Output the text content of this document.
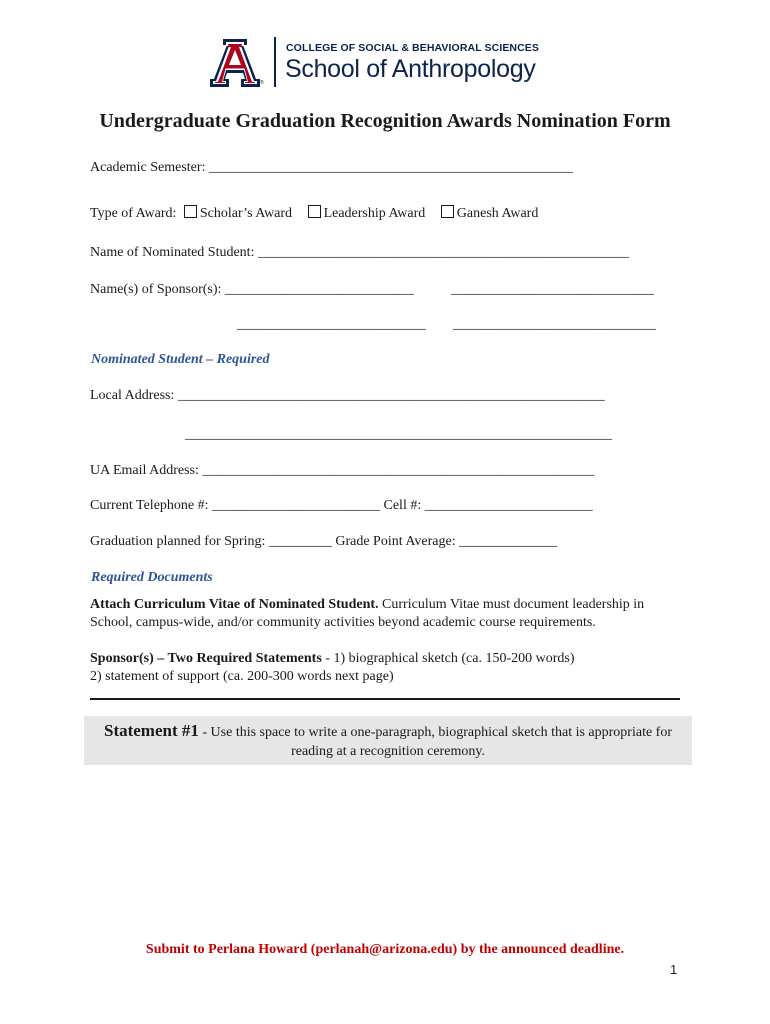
®
COLLEGE OF SOCIAL & BEHAVIORAL SCIENCES
School of Anthropology
Undergraduate Graduation Recognition Awards Nomination Form
Academic Semester: ____________________________________________________
Type of Award: Scholar’s Award Leadership Award Ganesh Award
Name of Nominated Student: _____________________________________________________
Name(s) of Sponsor(s): ___________________________	_____________________________
___________________________ _____________________________
Nominated Student – Required
Local Address: _____________________________________________________________
_____________________________________________________________
UA Email Address: ________________________________________________________
Current Telephone #: ________________________ Cell #: ________________________
Graduation planned for Spring: _________ Grade Point Average: ______________
Required Documents
Attach Curriculum Vitae of Nominated Student. Curriculum Vitae must document leadership in School, campus-wide, and/or community activities beyond academic course requirements.
Sponsor(s) – Two Required Statements - 1) biographical sketch (ca. 150-200 words)
2) statement of support (ca. 200-300 words next page)
Statement #1 - Use this space to write a one-paragraph, biographical sketch that is appropriate for reading at a recognition ceremony.
Submit to Perlana Howard (perlanah@arizona.edu) by the announced deadline.
1
